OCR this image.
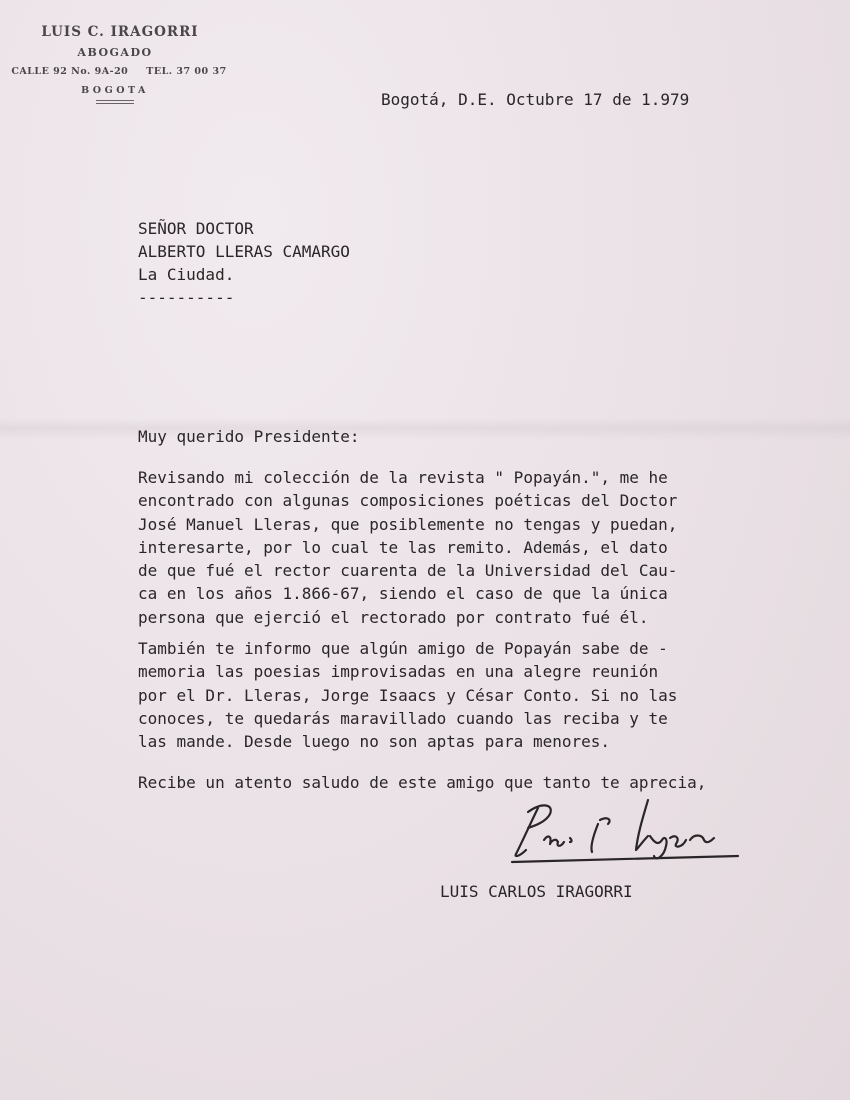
LUIS C. IRAGORRI
ABOGADO
CALLE 92 No. 9A-20 TEL. 37 00 37
BOGOTA	Bogotá, D.E. Octubre 17 de 1.979
SEÑOR DOCTOR
ALBERTO LLERAS CAMARGO
La Ciudad.
----------
Muy querido Presidente:
Revisando mi colección de la revista " Popayán.", me he
encontrado con algunas composiciones poéticas del Doctor
José Manuel Lleras, que posiblemente no tengas y puedan,
interesarte, por lo cual te las remito. Además, el dato
de que fué el rector cuarenta de la Universidad del Cau-
ca en los años 1.866-67, siendo el caso de que la única
persona que ejerció el rectorado por contrato fué él.
También te informo que algún amigo de Popayán sabe de -
memoria las poesias improvisadas en una alegre reunión
por el Dr. Lleras, Jorge Isaacs y César Conto. Si no las
conoces, te quedarás maravillado cuando las reciba y te
las mande. Desde luego no son aptas para menores.
Recibe un atento saludo de este amigo que tanto te aprecia,
LUIS CARLOS IRAGORRI
